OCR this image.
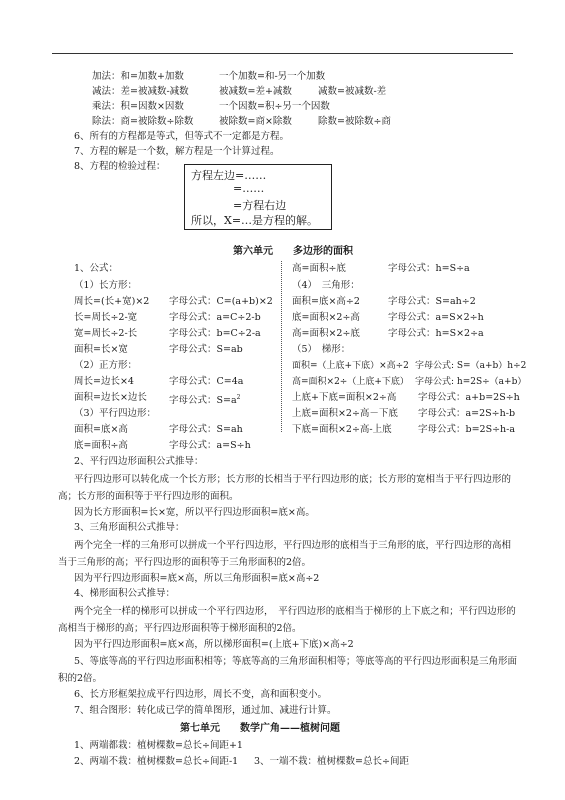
加法：和=加数+加数	一个加数=和-另一个加数
减法：差=被减数-减数	被减数=差+减数	减数=被减数-差
乘法：积=因数×因数	一个因数=积÷另一个因数
除法：商=被除数÷除数	被除数=商×除数	除数=被除数÷商
6、所有的方程都是等式，但等式不一定都是方程。
7、方程的解是一个数，解方程是一个计算过程。
8、方程的检验过程：
方程左边=……
=……
=方程右边
所以，X=…是方程的解。
第六单元　　多边形的面积
1、公式：
（1）长方形：
周长=(长+宽)×2 字母公式：C=(a+b)×2
长=周长÷2-宽	字母公式：a=C÷2-b
宽=周长÷2-长	字母公式：b=C÷2-a
面积=长×宽	字母公式：S=ab
（2）正方形：
周长=边长×4	字母公式：C=4a
面积=边长×边长 字母公式：$S=a^2$
（3）平行四边形：
面积=底×高	字母公式：S=ah
底=面积÷高	字母公式：a=S÷h
高=面积÷底	字母公式：h=S÷a
（4）　三角形：
面积=底×高÷2	字母公式：S=ah÷2
底=面积×2÷高	字母公式：a=S×2÷h
高=面积×2÷底	字母公式：h=S×2÷a
（5）　梯形：
面积=（上底+下底）×高÷2 字母公式: S=（a+b）h÷2
高=面积×2÷（上底+下底） 字母公式: h=2S÷（a+b）
上底+下底=面积×2÷高 字母公式：a+b=2S÷h
上底=面积×2÷高－下底 字母公式：a=2S÷h-b
下底=面积×2÷高-上底	字母公式：b=2S÷h-a
2、平行四边形面积公式推导：
平行四边形可以转化成一个长方形；长方形的长相当于平行四边形的底；长方形的宽相当于平行四边形的高；长方形的面积等于平行四边形的面积。
因为长方形面积=长×宽，所以平行四边形面积=底×高。
3、三角形面积公式推导：
两个完全一样的三角形可以拼成一个平行四边形，平行四边形的底相当于三角形的底，平行四边形的高相当于三角形的高；平行四边形的面积等于三角形面积的2倍。
因为平行四边形面积=底×高，所以三角形面积=底×高÷2
4、梯形面积公式推导：
两个完全一样的梯形可以拼成一个平行四边形，　平行四边形的底相当于梯形的上下底之和；平行四边形的高相当于梯形的高；平行四边形面积等于梯形面积的2倍。
因为平行四边形面积=底×高，所以梯形面积=(上底+下底)×高÷2
5、等底等高的平行四边形面积相等；等底等高的三角形面积相等；等底等高的平行四边形面积是三角形面积的2倍。
6、长方形框架拉成平行四边形，周长不变，高和面积变小。
7、组合图形：转化成已学的简单图形，通过加、减进行计算。
第七单元　　数学广角——植树问题
1、两端都栽：植树棵数=总长÷间距+1
2、两端不栽：植树棵数=总长÷间距-1 3、一端不栽：植树棵数=总长÷间距
